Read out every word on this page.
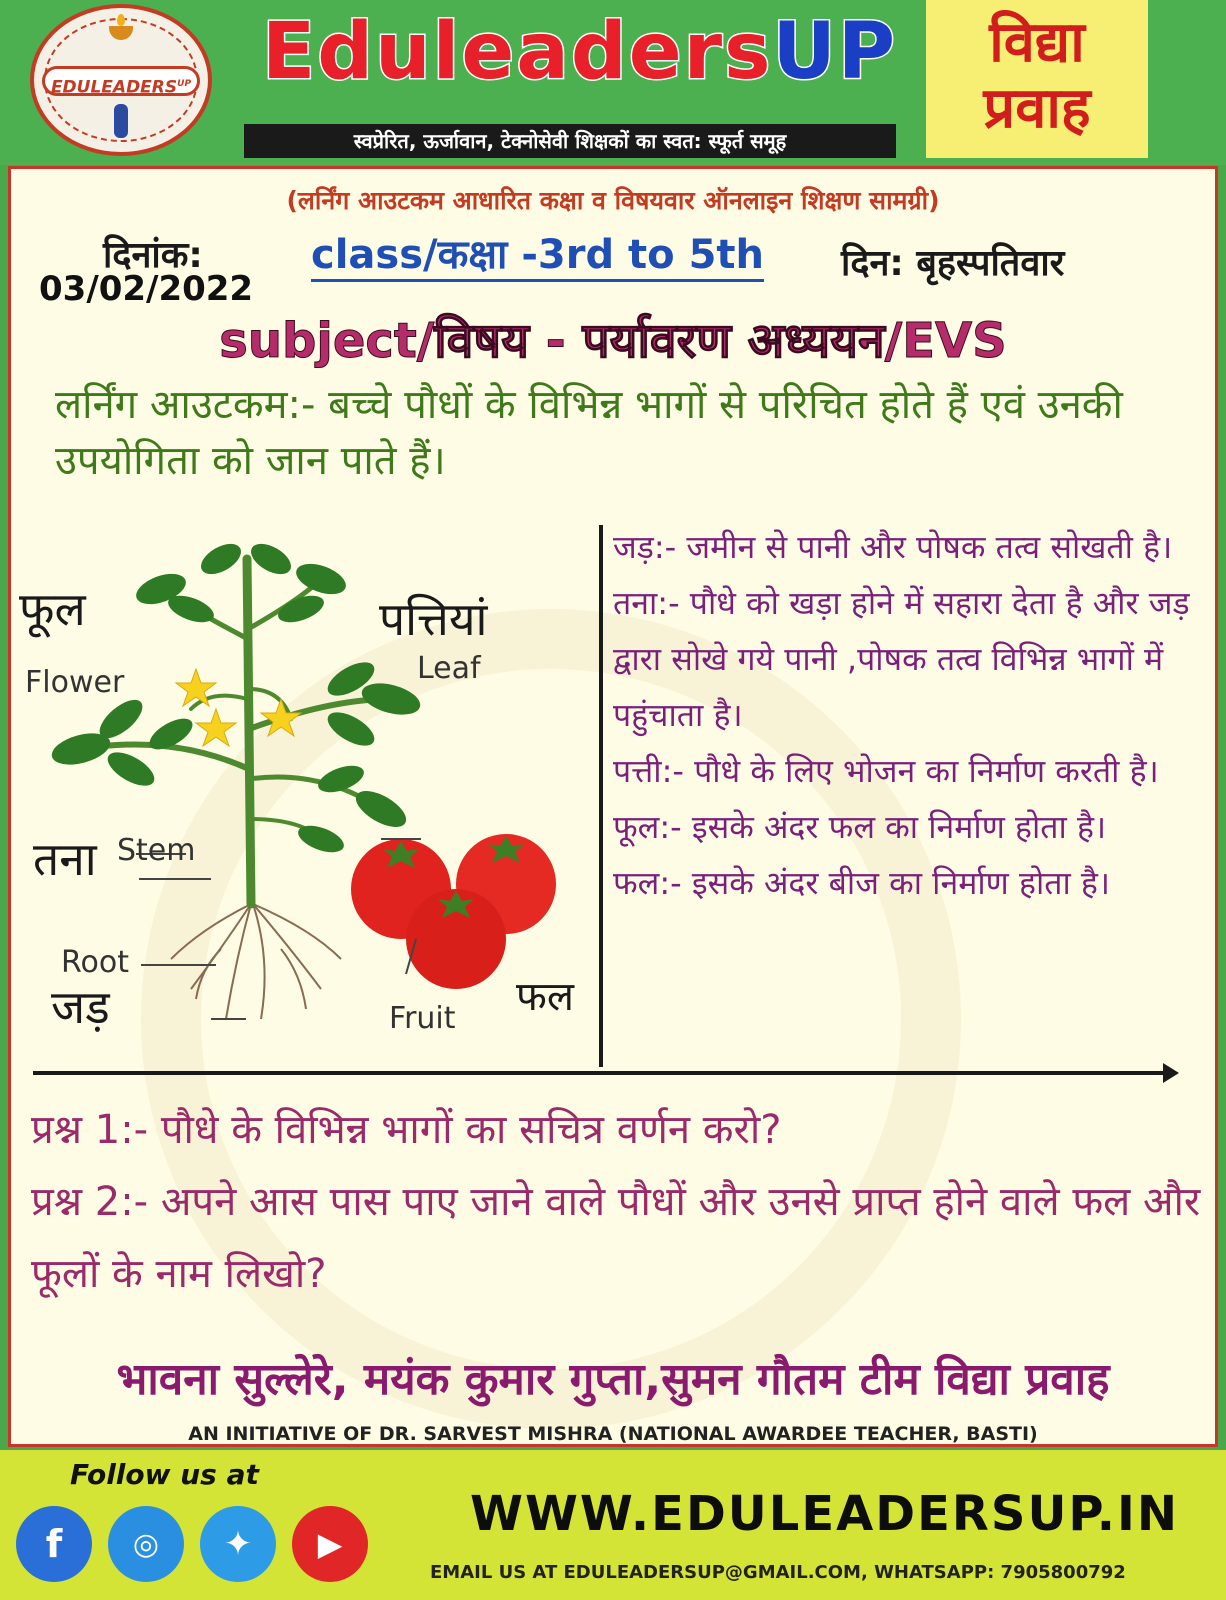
$EDULEADERS^{UP}$ EduleadersUP
स्वप्रेरित, ऊर्जावान, टेक्नोसेवी शिक्षकों का स्वत: स्फूर्त समूह
विद्या
प्रवाह
(लर्निंग आउटकम आधारित कक्षा व विषयवार ऑनलाइन शिक्षण सामग्री)
दिनांक:
03/02/2022
class/कक्षा -3rd to 5th दिन: बृहस्पतिवार
subject/विषय - पर्यावरण अध्ययन/EVS
लर्निंग आउटकम:- बच्चे पौधों के विभिन्न भागों से परिचित होते हैं एवं उनकी उपयोगिता को जान पाते हैं।
फूल
Flower
पत्तियां
Leaf
तना Stem
Root
जड़	Fruit फल

जड़:- जमीन से पानी और पोषक तत्व सोखती है।

तना:- पौधे को खड़ा होने में सहारा देता है और जड़ द्वारा सोखे गये पानी ,पोषक तत्व विभिन्न भागों में पहुंचाता है।

पत्ती:- पौधे के लिए भोजन का निर्माण करती है।

फूल:- इसके अंदर फल का निर्माण होता है।

फल:- इसके अंदर बीज का निर्माण होता है।

प्रश्न 1:- पौधे के विभिन्न भागों का सचित्र वर्णन करो?

प्रश्न 2:- अपने आस पास पाए जाने वाले पौधों और उनसे प्राप्त होने वाले फल और फूलों के नाम लिखो?

भावना सुल्लेरे, मयंक कुमार गुप्ता,सुमन गौतम टीम विद्या प्रवाह
AN INITIATIVE OF DR. SARVEST MISHRA (NATIONAL AWARDEE TEACHER, BASTI)
Follow us at
f	◎	✦	▶
WWW.EDULEADERSUP.IN
EMAIL US AT EDULEADERSUP@GMAIL.COM, WHATSAPP: 7905800792
